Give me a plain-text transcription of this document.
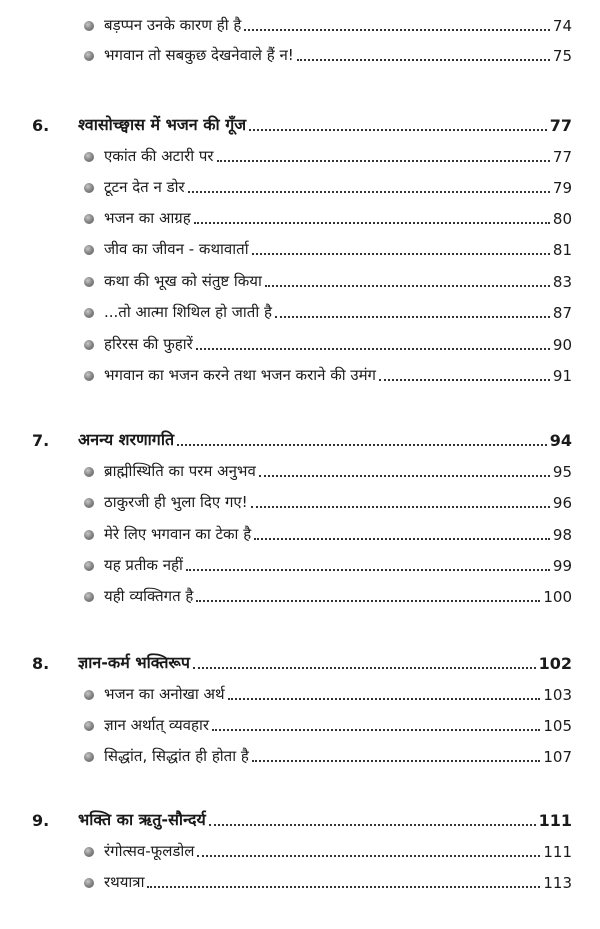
बड़प्पन उनके कारण ही है	74
भगवान तो सबकुछ देखनेवाले हैं न!	75
6. श्वासोच्छ्वास में भजन की गूँज	77
एकांत की अटारी पर	77
टूटन देत न डोर	79
भजन का आग्रह	80
जीव का जीवन - कथावार्ता	81
कथा की भूख को संतुष्ट किया	83
...तो आत्मा शिथिल हो जाती है	87
हरिरस की फुहारें	90
भगवान का भजन करने तथा भजन कराने की उमंग	91
7. अनन्य शरणागति	94
ब्राह्मीस्थिति का परम अनुभव	95
ठाकुरजी ही भुला दिए गए!	96
मेरे लिए भगवान का टेका है	98
यह प्रतीक नहीं	99
यही व्यक्तिगत है	100
8. ज्ञान-कर्म भक्तिरूप	102
भजन का अनोखा अर्थ	103
ज्ञान अर्थात् व्यवहार	105
सिद्धांत, सिद्धांत ही होता है	107
9. भक्ति का ऋतु-सौन्दर्य	111
रंगोत्सव-फूलडोल	111
रथयात्रा	113
